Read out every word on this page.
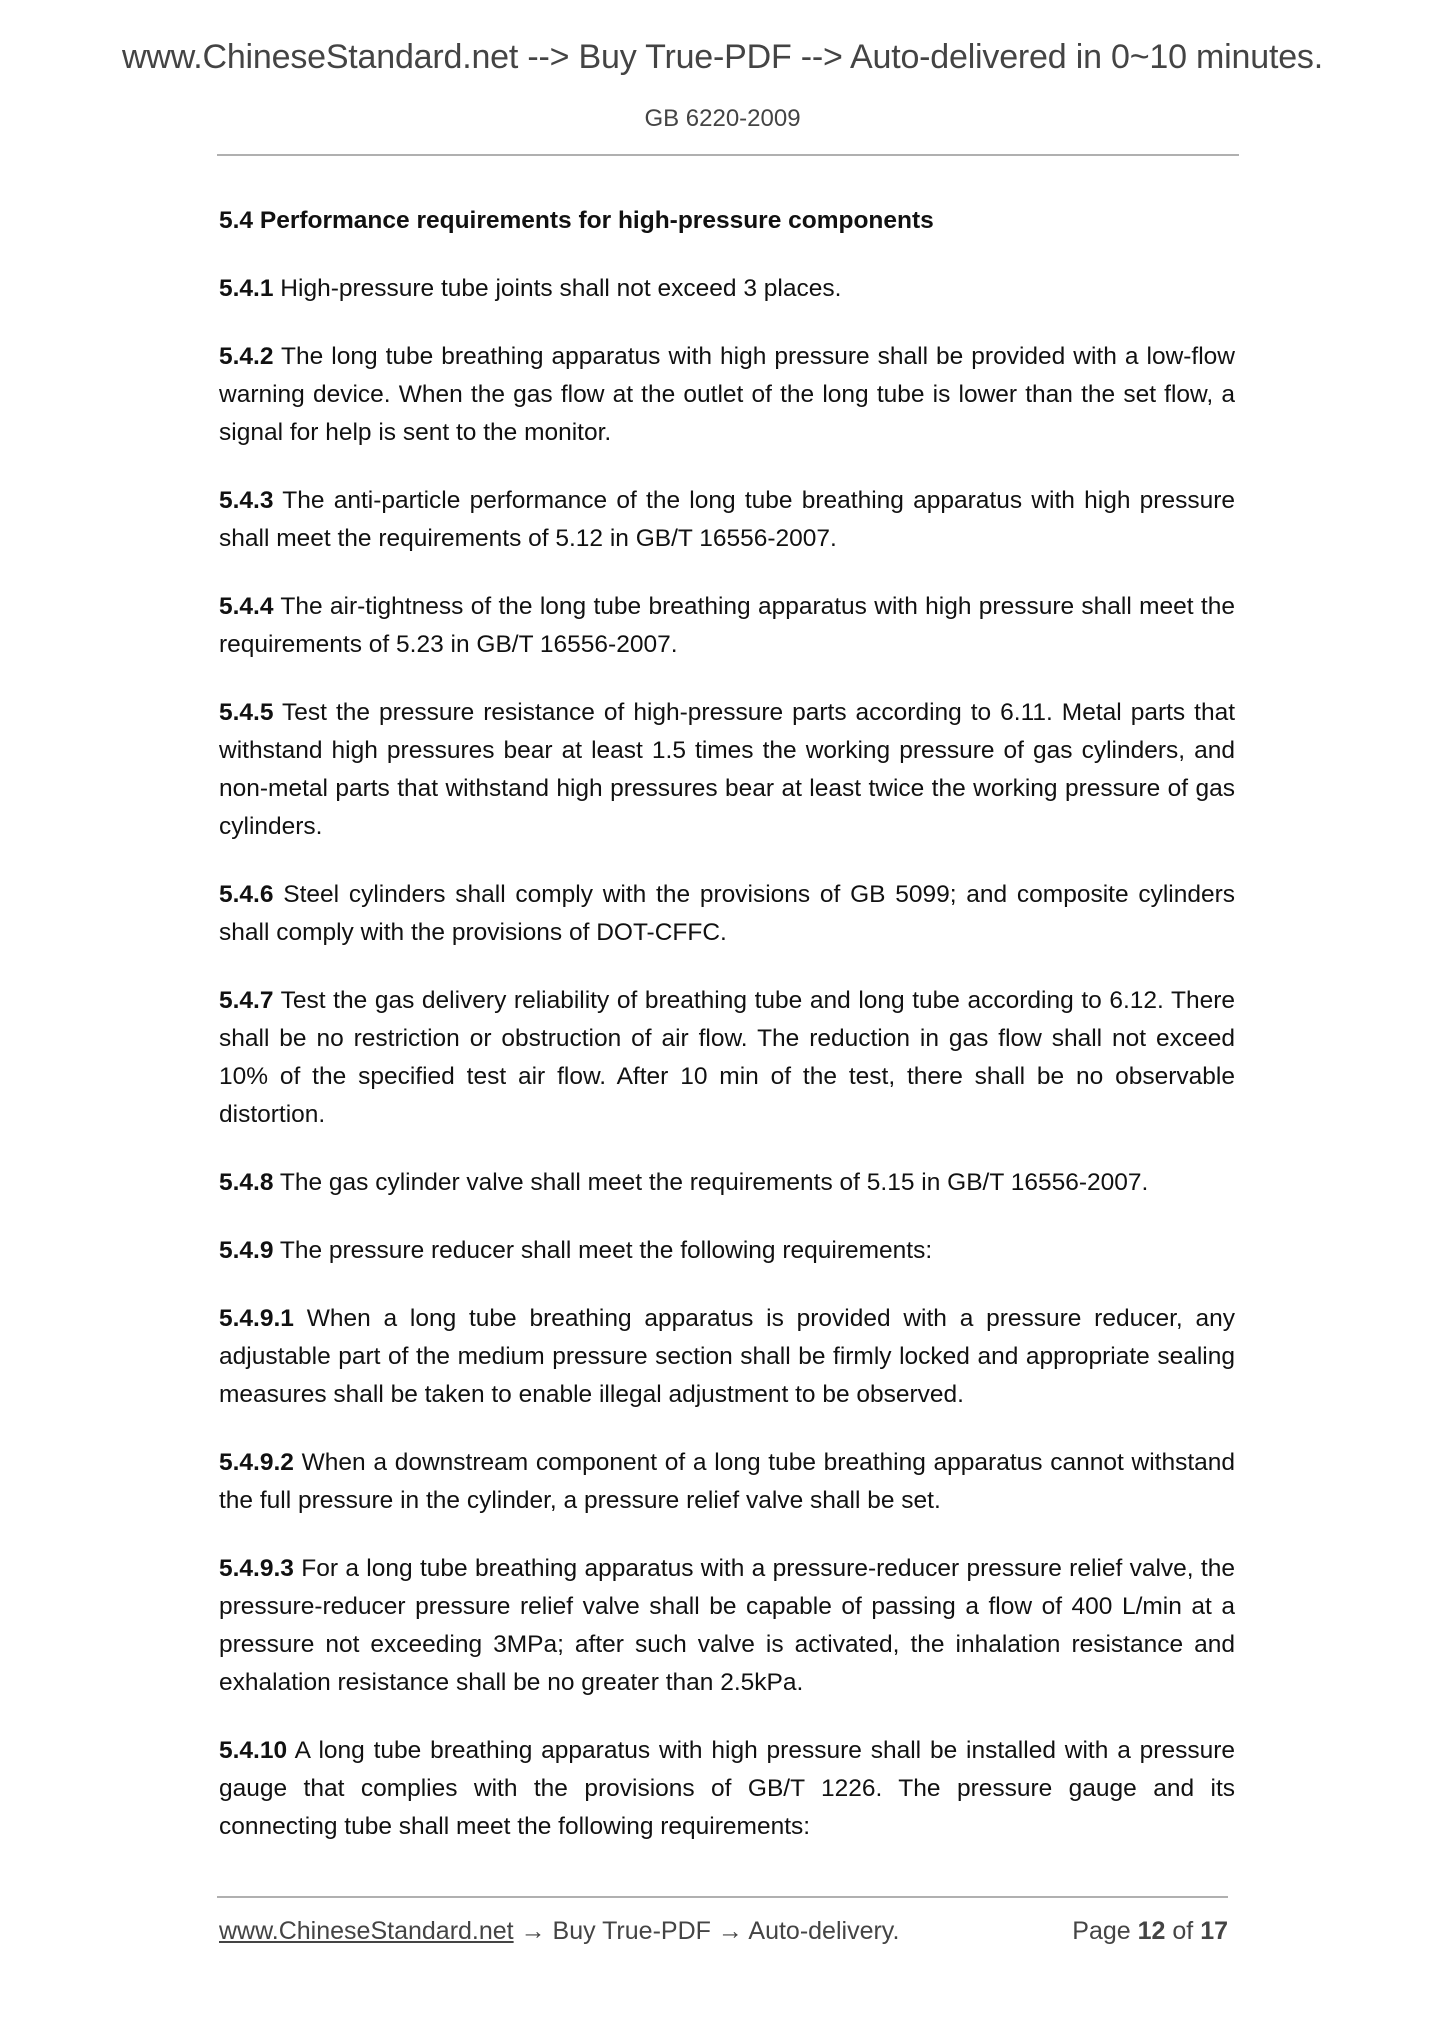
www.ChineseStandard.net --> Buy True-PDF --> Auto-delivered in 0~10 minutes.
GB 6220-2009
5.4 Performance requirements for high-pressure components

5.4.1 High-pressure tube joints shall not exceed 3 places.

5.4.2 The long tube breathing apparatus with high pressure shall be provided with a low-flow warning device. When the gas flow at the outlet of the long tube is lower than the set flow, a signal for help is sent to the monitor.

5.4.3 The anti-particle performance of the long tube breathing apparatus with high pressure shall meet the requirements of 5.12 in GB/T 16556-2007.

5.4.4 The air-tightness of the long tube breathing apparatus with high pressure shall meet the requirements of 5.23 in GB/T 16556-2007.

5.4.5 Test the pressure resistance of high-pressure parts according to 6.11. Metal parts that withstand high pressures bear at least 1.5 times the working pressure of gas cylinders, and non-metal parts that withstand high pressures bear at least twice the working pressure of gas cylinders.

5.4.6 Steel cylinders shall comply with the provisions of GB 5099; and composite cylinders shall comply with the provisions of DOT-CFFC.

5.4.7 Test the gas delivery reliability of breathing tube and long tube according to 6.12. There shall be no restriction or obstruction of air flow. The reduction in gas flow shall not exceed 10% of the specified test air flow. After 10 min of the test, there shall be no observable distortion.

5.4.8 The gas cylinder valve shall meet the requirements of 5.15 in GB/T 16556-2007.

5.4.9 The pressure reducer shall meet the following requirements:

5.4.9.1 When a long tube breathing apparatus is provided with a pressure reducer, any adjustable part of the medium pressure section shall be firmly locked and appropriate sealing measures shall be taken to enable illegal adjustment to be observed.

5.4.9.2 When a downstream component of a long tube breathing apparatus cannot withstand the full pressure in the cylinder, a pressure relief valve shall be set.

5.4.9.3 For a long tube breathing apparatus with a pressure-reducer pressure relief valve, the pressure-reducer pressure relief valve shall be capable of passing a flow of 400 L/min at a pressure not exceeding 3MPa; after such valve is activated, the inhalation resistance and exhalation resistance shall be no greater than 2.5kPa.

5.4.10 A long tube breathing apparatus with high pressure shall be installed with a pressure gauge that complies with the provisions of GB/T 1226. The pressure gauge and its connecting tube shall meet the following requirements:

www.ChineseStandard.net → Buy True-PDF → Auto-delivery.	Page 12 of 17
